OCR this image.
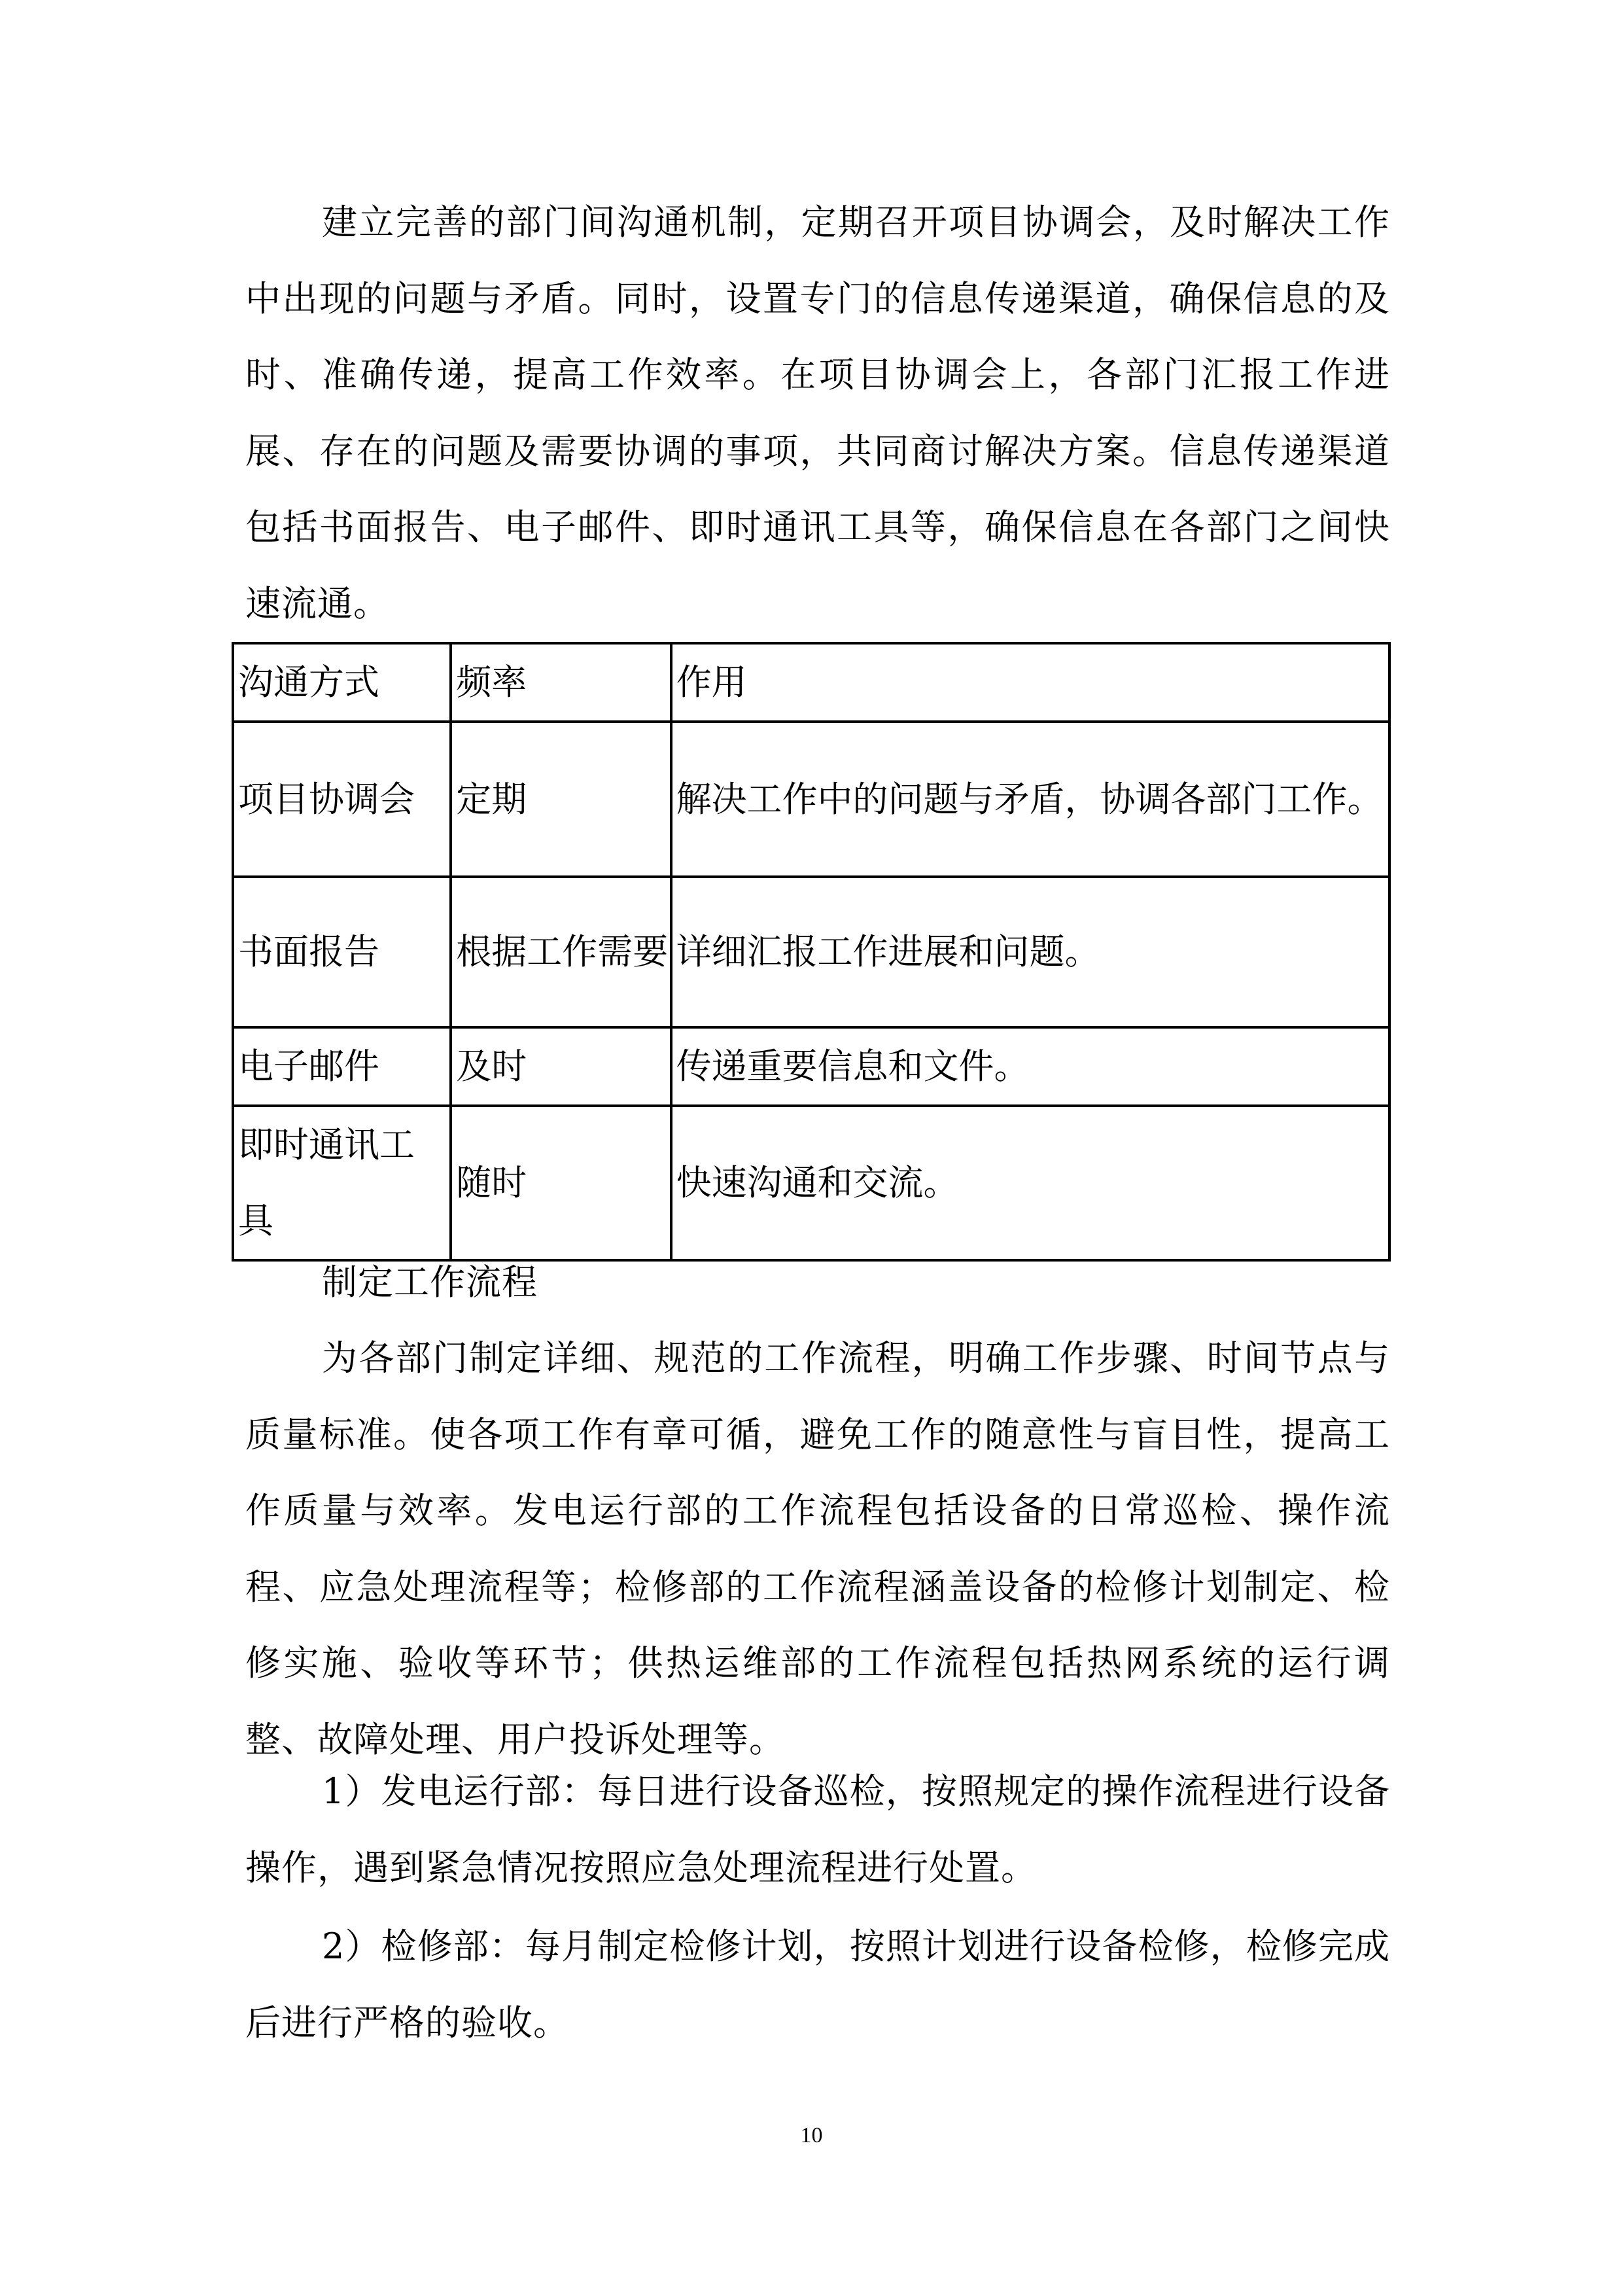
建立完善的部门间沟通机制，定期召开项目协调会，及时解决工作中出现的问题与矛盾。同时，设置专门的信息传递渠道，确保信息的及时、准确传递，提高工作效率。在项目协调会上，各部门汇报工作进展、存在的问题及需要协调的事项，共同商讨解决方案。信息传递渠道包括书面报告、电子邮件、即时通讯工具等，确保信息在各部门之间快速流通。

沟通方式	频率	作用
项目协调会	定期	解决工作中的问题与矛盾，协调各部门工作。
书面报告	根据工作需要	详细汇报工作进展和问题。
电子邮件	及时	传递重要信息和文件。
即时通讯工具	随时	快速沟通和交流。

制定工作流程

为各部门制定详细、规范的工作流程，明确工作步骤、时间节点与质量标准。使各项工作有章可循，避免工作的随意性与盲目性，提高工作质量与效率。发电运行部的工作流程包括设备的日常巡检、操作流程、应急处理流程等；检修部的工作流程涵盖设备的检修计划制定、检修实施、验收等环节；供热运维部的工作流程包括热网系统的运行调整、故障处理、用户投诉处理等。

1）发电运行部：每日进行设备巡检，按照规定的操作流程进行设备操作，遇到紧急情况按照应急处理流程进行处置。

2）检修部：每月制定检修计划，按照计划进行设备检修，检修完成后进行严格的验收。

10
